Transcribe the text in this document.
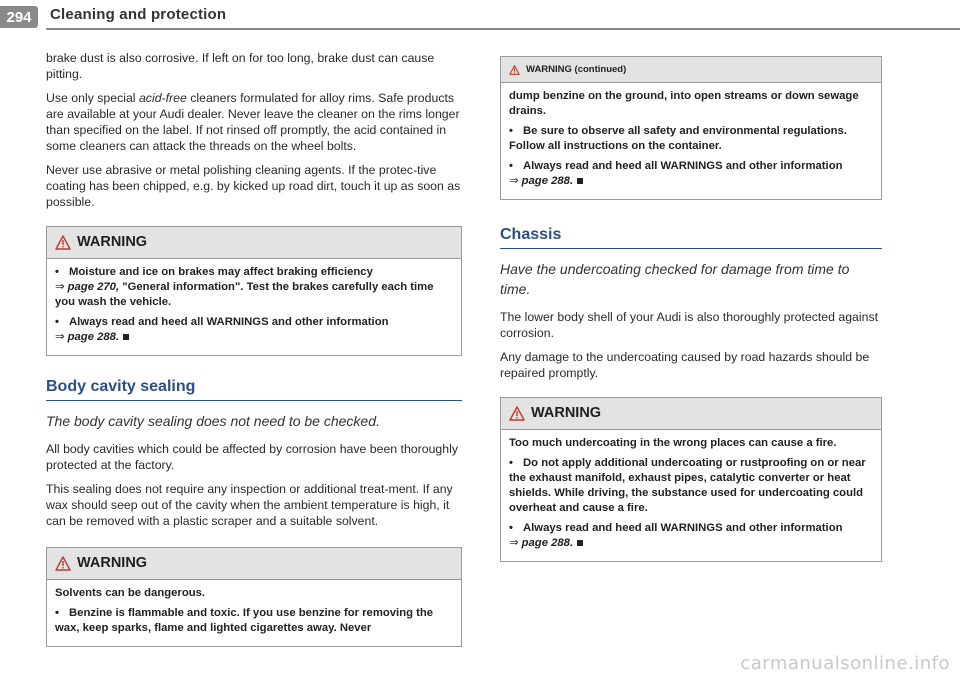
294	Cleaning and protection

brake dust is also corrosive. If left on for too long, brake dust can cause pitting.

Use only special acid-free cleaners formulated for alloy rims. Safe products are available at your Audi dealer. Never leave the cleaner on the rims longer than specified on the label. If not rinsed off promptly, the acid contained in some cleaners can attack the threads on the wheel bolts.

Never use abrasive or metal polishing cleaning agents. If the protec-tive coating has been chipped, e.g. by kicked up road dirt, touch it up as soon as possible.

WARNING
• Moisture and ice on brakes may affect braking efficiency
⇒ page 270, "General information". Test the brakes carefully each time you wash the vehicle.
• Always read and heed all WARNINGS and other information
⇒ page 288.
Body cavity sealing
The body cavity sealing does not need to be checked.

All body cavities which could be affected by corrosion have been thoroughly protected at the factory.

This sealing does not require any inspection or additional treat-ment. If any wax should seep out of the cavity when the ambient temperature is high, it can be removed with a plastic scraper and a suitable solvent.

WARNING
Solvents can be dangerous.
• Benzine is flammable and toxic. If you use benzine for removing the wax, keep sparks, flame and lighted cigarettes away. Never
WARNING (continued)
dump benzine on the ground, into open streams or down sewage drains.
• Be sure to observe all safety and environmental regulations. Follow all instructions on the container.
• Always read and heed all WARNINGS and other information
⇒ page 288.
Chassis
Have the undercoating checked for damage from time to time.

The lower body shell of your Audi is also thoroughly protected against corrosion.

Any damage to the undercoating caused by road hazards should be repaired promptly.

WARNING
Too much undercoating in the wrong places can cause a fire.
• Do not apply additional undercoating or rustproofing on or near the exhaust manifold, exhaust pipes, catalytic converter or heat shields. While driving, the substance used for undercoating could overheat and cause a fire.
• Always read and heed all WARNINGS and other information
⇒ page 288.
carmanualsonline.info
